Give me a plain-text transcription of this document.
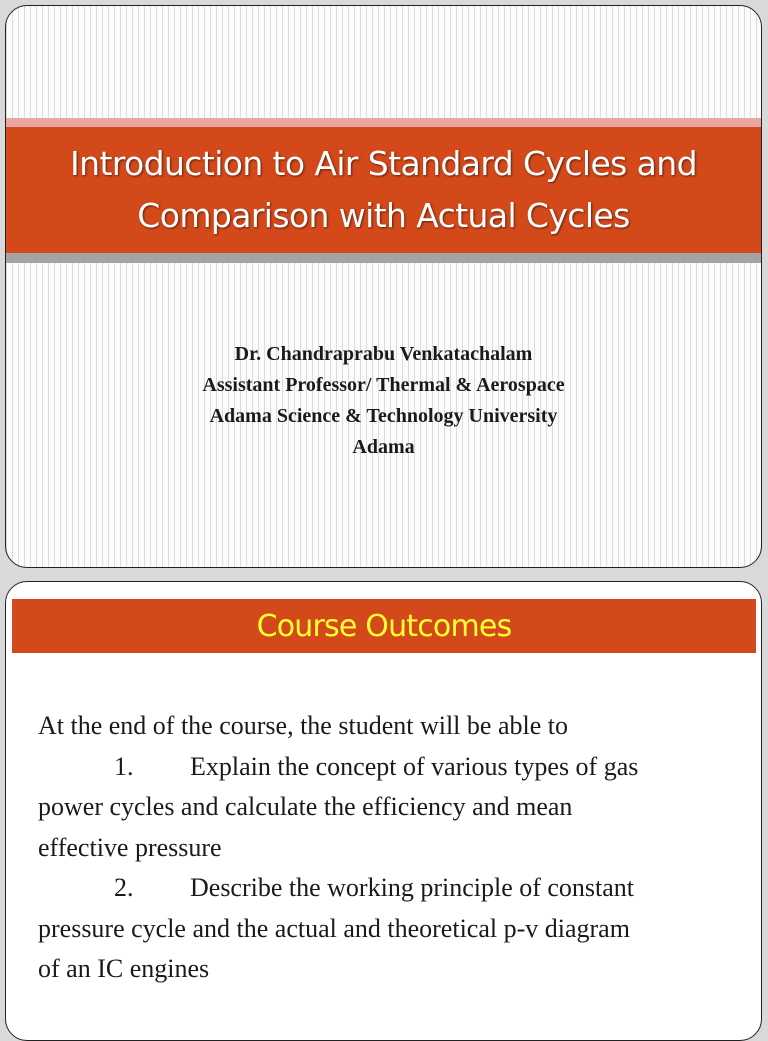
Introduction to Air Standard Cycles and
Comparison with Actual Cycles
Dr. Chandraprabu Venkatachalam
Assistant Professor/ Thermal & Aerospace
Adama Science & Technology University
Adama
Course Outcomes

At the end of the course, the student will be able to

1. Explain the concept of various types of gas
power cycles and calculate the efficiency and mean
effective pressure

2. Describe the working principle of constant
pressure cycle and the actual and theoretical p-v diagram
of an IC engines
